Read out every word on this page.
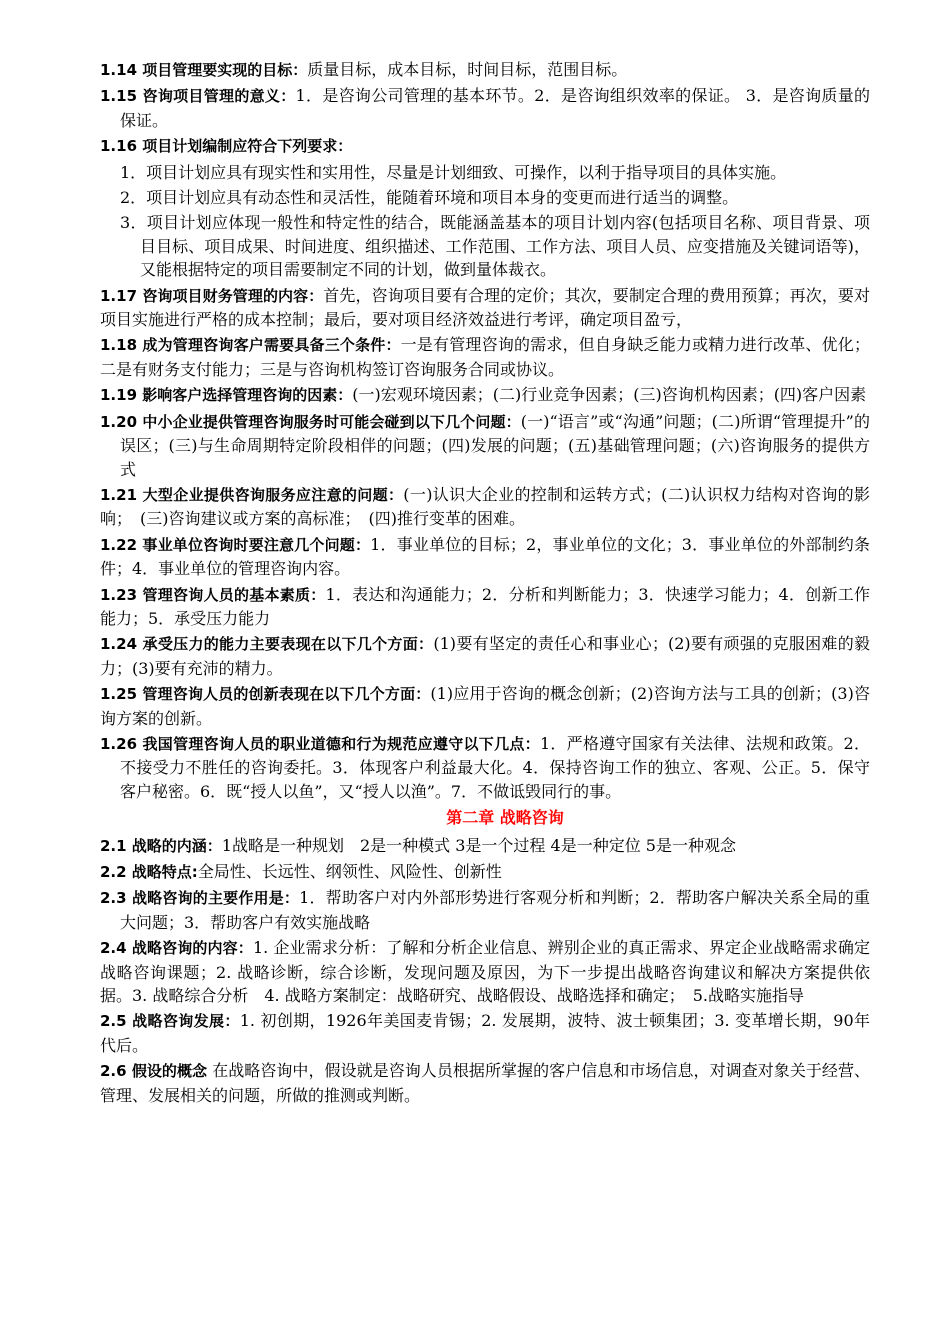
1.14 项目管理要实现的目标：质量目标，成本目标，时间目标，范围目标。

1.15 咨询项目管理的意义：1．是咨询公司管理的基本环节。2．是咨询组织效率的保证。 3．是咨询质量的保证。

1.16 项目计划编制应符合下列要求：

1．项目计划应具有现实性和实用性，尽量是计划细致、可操作，以利于指导项目的具体实施。

2．项目计划应具有动态性和灵活性，能随着环境和项目本身的变更而进行适当的调整。

3．项目计划应体现一般性和特定性的结合，既能涵盖基本的项目计划内容(包括项目名称、项目背景、项目目标、项目成果、时间进度、组织描述、工作范围、工作方法、项目人员、应变措施及关键词语等)，又能根据特定的项目需要制定不同的计划，做到量体裁衣。

1.17 咨询项目财务管理的内容：首先，咨询项目要有合理的定价；其次，要制定合理的费用预算；再次，要对项目实施进行严格的成本控制；最后，要对项目经济效益进行考评，确定项目盈亏，

1.18 成为管理咨询客户需要具备三个条件：一是有管理咨询的需求，但自身缺乏能力或精力进行改革、优化；二是有财务支付能力；三是与咨询机构签订咨询服务合同或协议。

1.19 影响客户选择管理咨询的因素：(一)宏观环境因素；(二)行业竞争因素；(三)咨询机构因素；(四)客户因素

1.20 中小企业提供管理咨询服务时可能会碰到以下几个问题：(一)“语言”或“沟通”问题；(二)所谓“管理提升”的误区；(三)与生命周期特定阶段相伴的问题；(四)发展的问题；(五)基础管理问题；(六)咨询服务的提供方式

1.21 大型企业提供咨询服务应注意的问题：(一)认识大企业的控制和运转方式；(二)认识权力结构对咨询的影响；　(三)咨询建议或方案的高标准；　(四)推行变革的困难。

1.22 事业单位咨询时要注意几个问题：1．事业单位的目标；2，事业单位的文化；3．事业单位的外部制约条件；4．事业单位的管理咨询内容。

1.23 管理咨询人员的基本素质：1．表达和沟通能力；2．分析和判断能力；3．快速学习能力；4．创新工作能力；5．承受压力能力

1.24 承受压力的能力主要表现在以下几个方面：(1)要有坚定的责任心和事业心；(2)要有顽强的克服困难的毅力；(3)要有充沛的精力。

1.25 管理咨询人员的创新表现在以下几个方面：(1)应用于咨询的概念创新；(2)咨询方法与工具的创新；(3)咨询方案的创新。

1.26 我国管理咨询人员的职业道德和行为规范应遵守以下几点：1．严格遵守国家有关法律、法规和政策。2．不接受力不胜任的咨询委托。3．体现客户利益最大化。4．保持咨询工作的独立、客观、公正。5．保守客户秘密。6．既“授人以鱼”，又“授人以渔”。7．不做诋毁同行的事。

第二章 战略咨询

2.1 战略的内涵：1战略是一种规划　2是一种模式 3是一个过程 4是一种定位 5是一种观念

2.2 战略特点:全局性、长远性、纲领性、风险性、创新性

2.3 战略咨询的主要作用是：1．帮助客户对内外部形势进行客观分析和判断；2．帮助客户解决关系全局的重大问题；3．帮助客户有效实施战略

2.4 战略咨询的内容：1. 企业需求分析：了解和分析企业信息、辨别企业的真正需求、界定企业战略需求确定战略咨询课题；2. 战略诊断，综合诊断，发现问题及原因，为下一步提出战略咨询建议和解决方案提供依据。3. 战略综合分析　4. 战略方案制定：战略研究、战略假设、战略选择和确定；　5.战略实施指导

2.5 战略咨询发展：1. 初创期，1926年美国麦肯锡；2. 发展期，波特、波士顿集团；3. 变革增长期，90年代后。

2.6 假设的概念 在战略咨询中，假设就是咨询人员根据所掌握的客户信息和市场信息，对调查对象关于经营、管理、发展相关的问题，所做的推测或判断。
